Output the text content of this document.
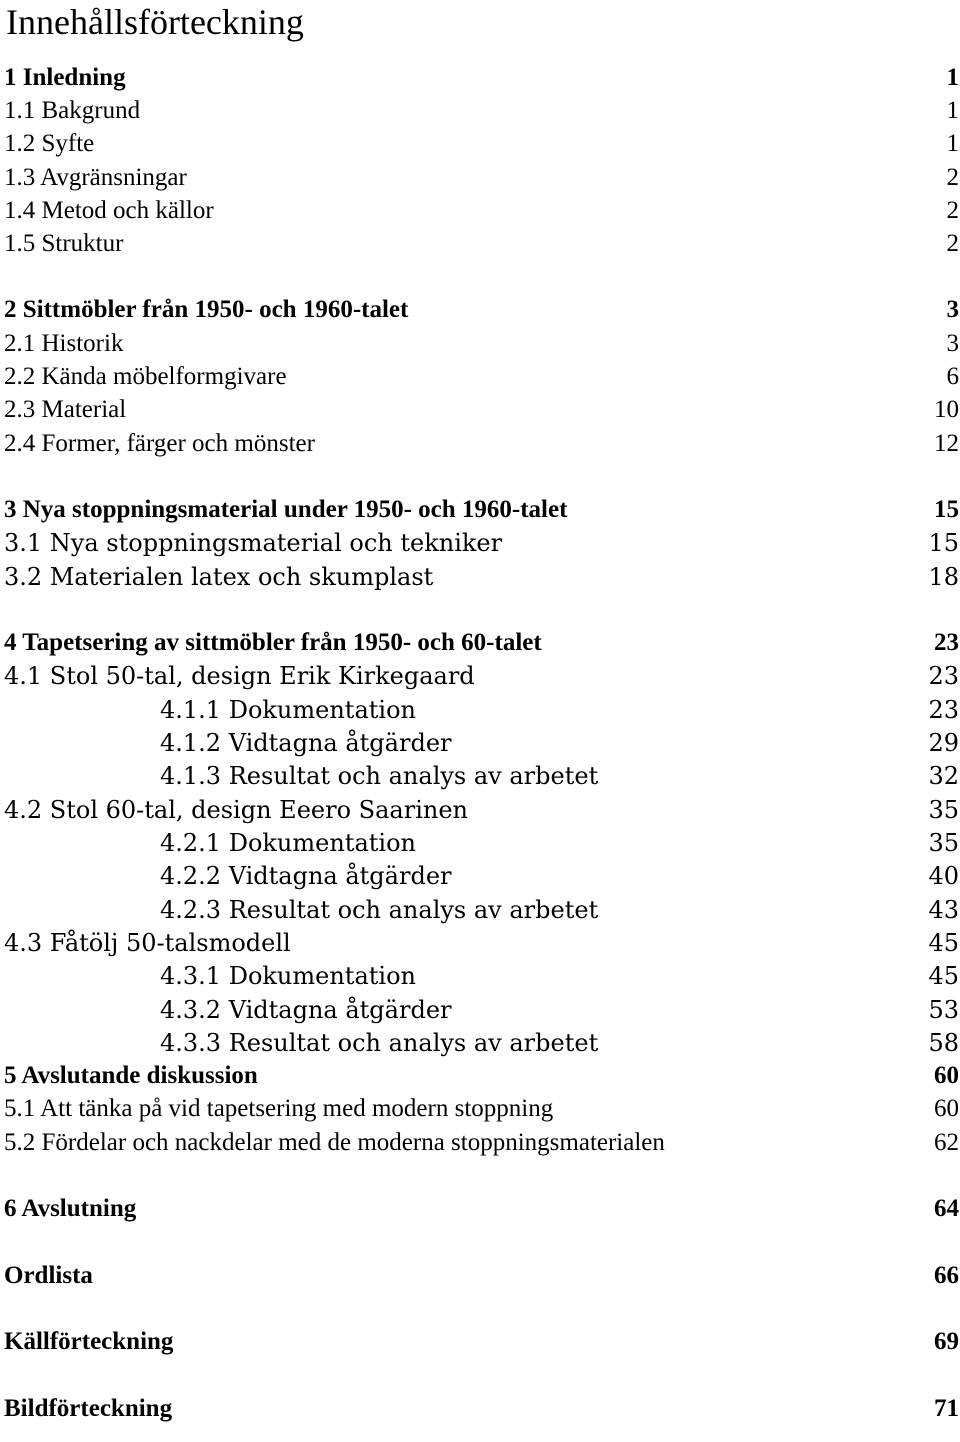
Innehållsförteckning
1 Inledning	1
1.1 Bakgrund	1
1.2 Syfte	1
1.3 Avgränsningar	2
1.4 Metod och källor	2
1.5 Struktur	2
2 Sittmöbler från 1950- och 1960-talet	3
2.1 Historik	3
2.2 Kända möbelformgivare	6
2.3 Material	10
2.4 Former, färger och mönster	12
3 Nya stoppningsmaterial under 1950- och 1960-talet	15
3.1 Nya stoppningsmaterial och tekniker	15
3.2 Materialen latex och skumplast	18
4 Tapetsering av sittmöbler från 1950- och 60-talet	23
4.1 Stol 50-tal, design Erik Kirkegaard	23
4.1.1 Dokumentation	23
4.1.2 Vidtagna åtgärder	29
4.1.3 Resultat och analys av arbetet	32
4.2 Stol 60-tal, design Eeero Saarinen	35
4.2.1 Dokumentation	35
4.2.2 Vidtagna åtgärder	40
4.2.3 Resultat och analys av arbetet	43
4.3 Fåtölj 50-talsmodell	45
4.3.1 Dokumentation	45
4.3.2 Vidtagna åtgärder	53
4.3.3 Resultat och analys av arbetet	58
5 Avslutande diskussion	60
5.1 Att tänka på vid tapetsering med modern stoppning	60
5.2 Fördelar och nackdelar med de moderna stoppningsmaterialen	62
6 Avslutning	64
Ordlista	66
Källförteckning	69
Bildförteckning	71
